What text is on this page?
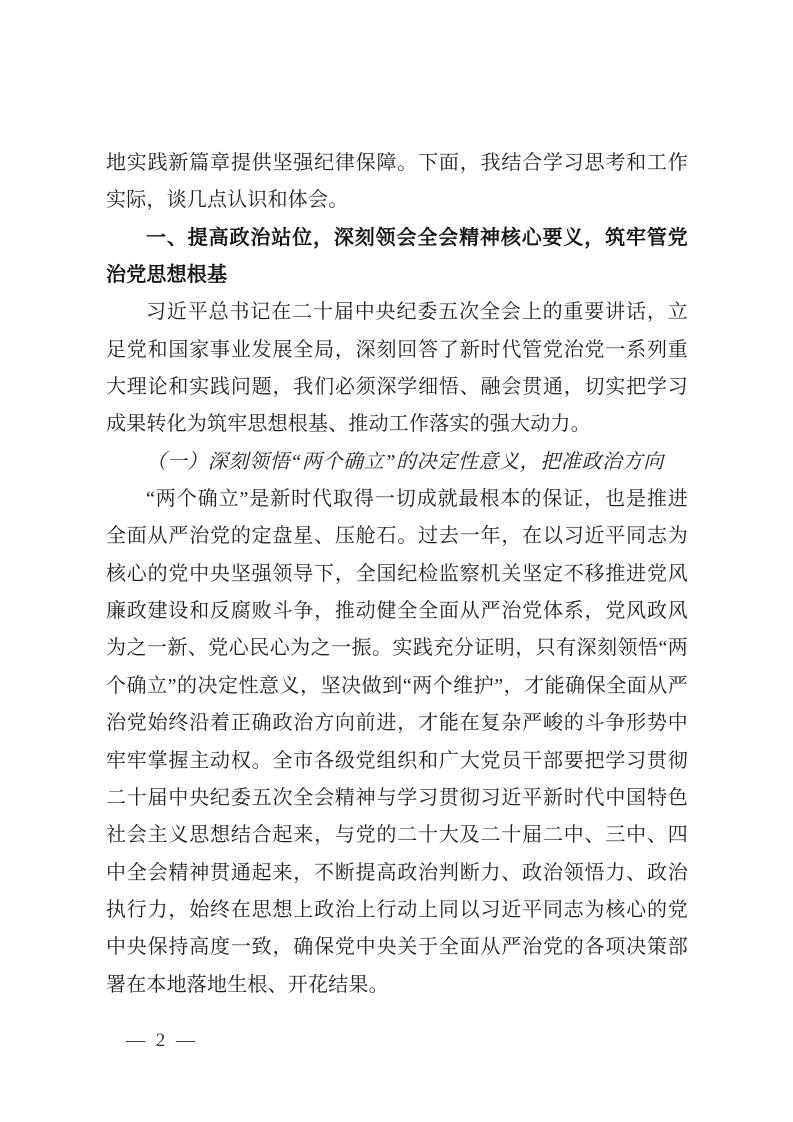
地实践新篇章提供坚强纪律保障。下面，我结合学习思考和工作实际，谈几点认识和体会。

一、提高政治站位，深刻领会全会精神核心要义，筑牢管党治党思想根基

习近平总书记在二十届中央纪委五次全会上的重要讲话，立足党和国家事业发展全局，深刻回答了新时代管党治党一系列重大理论和实践问题，我们必须深学细悟、融会贯通，切实把学习成果转化为筑牢思想根基、推动工作落实的强大动力。

（一）深刻领悟“两个确立”的决定性意义，把准政治方向

“两个确立”是新时代取得一切成就最根本的保证，也是推进全面从严治党的定盘星、压舱石。过去一年，在以习近平同志为核心的党中央坚强领导下，全国纪检监察机关坚定不移推进党风廉政建设和反腐败斗争，推动健全全面从严治党体系，党风政风为之一新、党心民心为之一振。实践充分证明，只有深刻领悟“两个确立”的决定性意义，坚决做到“两个维护”，才能确保全面从严治党始终沿着正确政治方向前进，才能在复杂严峻的斗争形势中牢牢掌握主动权。全市各级党组织和广大党员干部要把学习贯彻二十届中央纪委五次全会精神与学习贯彻习近平新时代中国特色社会主义思想结合起来，与党的二十大及二十届二中、三中、四中全会精神贯通起来，不断提高政治判断力、政治领悟力、政治执行力，始终在思想上政治上行动上同以习近平同志为核心的党中央保持高度一致，确保党中央关于全面从严治党的各项决策部署在本地落地生根、开花结果。

— 2 —
